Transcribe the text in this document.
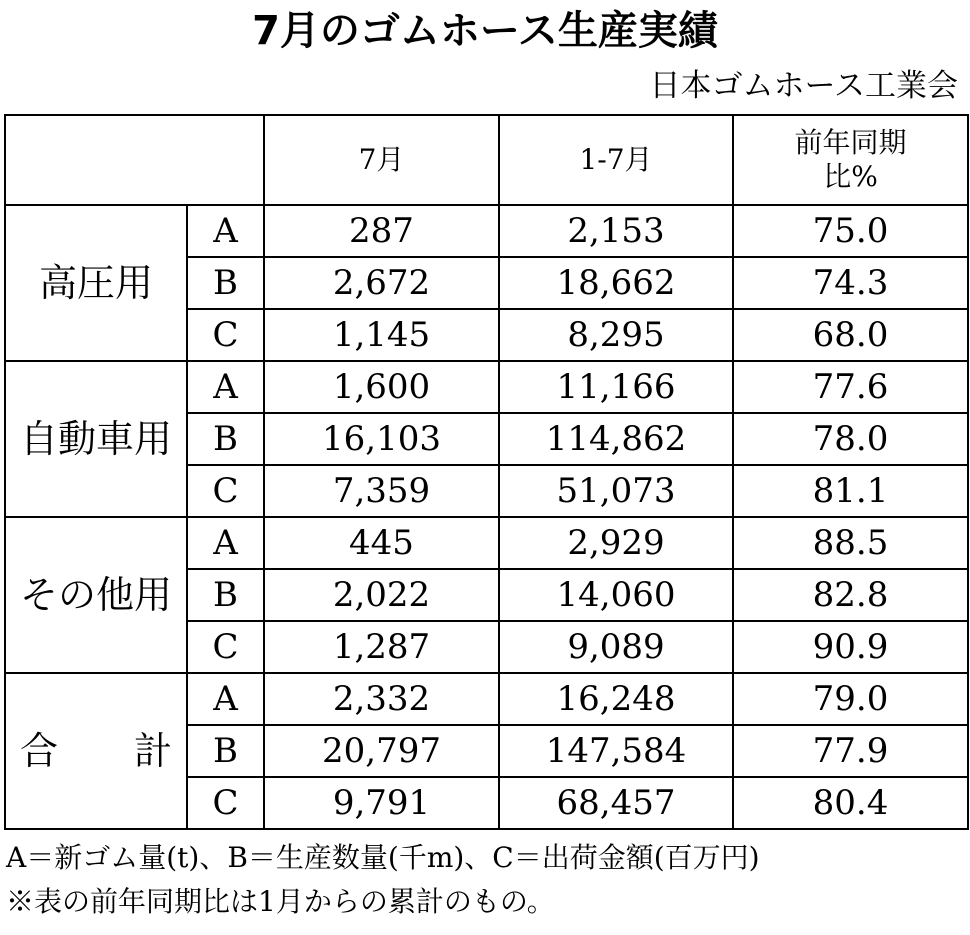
7月のゴムホース生産実績
日本ゴムホース工業会
		7月	1-7月	前年同期比%
高圧用	A	287	2,153	75.0
	B	2,672	18,662	74.3
	C	1,145	8,295	68.0
自動車用	A	1,600	11,166	77.6
	B	16,103	114,862	78.0
	C	7,359	51,073	81.1
その他用	A	445	2,929	88.5
	B	2,022	14,060	82.8
	C	1,287	9,089	90.9
合　　計	A	2,332	16,248	79.0
	B	20,797	147,584	77.9
	C	9,791	68,457	80.4
A＝新ゴム量(t)、B＝生産数量(千m)、C＝出荷金額(百万円)
※表の前年同期比は1月からの累計のもの。
